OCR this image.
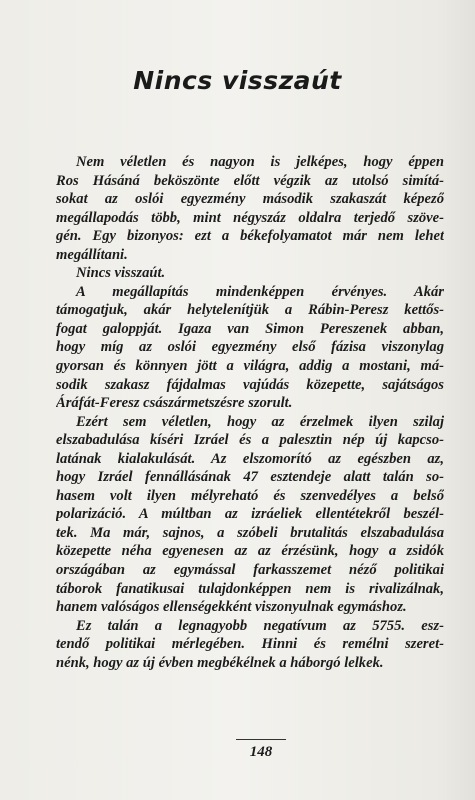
Nincs visszaút
Nem véletlen és nagyon is jelképes, hogy éppen
Ros Hásáná beköszönte előtt végzik az utolsó simítá-
sokat az oslói egyezmény második szakaszát képező
megállapodás több, mint négyszáz oldalra terjedő szöve-
gén. Egy bizonyos: ezt a békefolyamatot már nem lehet
megállítani.
Nincs visszaút.
A megállapítás mindenképpen érvényes. Akár
támogatjuk, akár helytelenítjük a Rábin-Peresz kettős-
fogat galoppját. Igaza van Simon Pereszenek abban,
hogy míg az oslói egyezmény első fázisa viszonylag
gyorsan és könnyen jött a világra, addig a mostani, má-
sodik szakasz fájdalmas vajúdás közepette, sajátságos
Áráfát-Feresz császármetszésre szorult.
Ezért sem véletlen, hogy az érzelmek ilyen szilaj
elszabadulása kíséri Izráel és a palesztin nép új kapcso-
latának kialakulását. Az elszomorító az egészben az,
hogy Izráel fennállásának 47 esztendeje alatt talán so-
hasem volt ilyen mélyreható és szenvedélyes a belső
polarizáció. A múltban az izráeliek ellentétekről beszél-
tek. Ma már, sajnos, a szóbeli brutalitás elszabadulása
közepette néha egyenesen az az érzésünk, hogy a zsidók
országában az egymással farkasszemet néző politikai
táborok fanatikusai tulajdonképpen nem is rivalizálnak,
hanem valóságos ellenségekként viszonyulnak egymáshoz.
Ez talán a legnagyobb negatívum az 5755. esz-
tendő politikai mérlegében. Hinni és remélni szeret-
nénk, hogy az új évben megbékélnek a háborgó lelkek.
148
